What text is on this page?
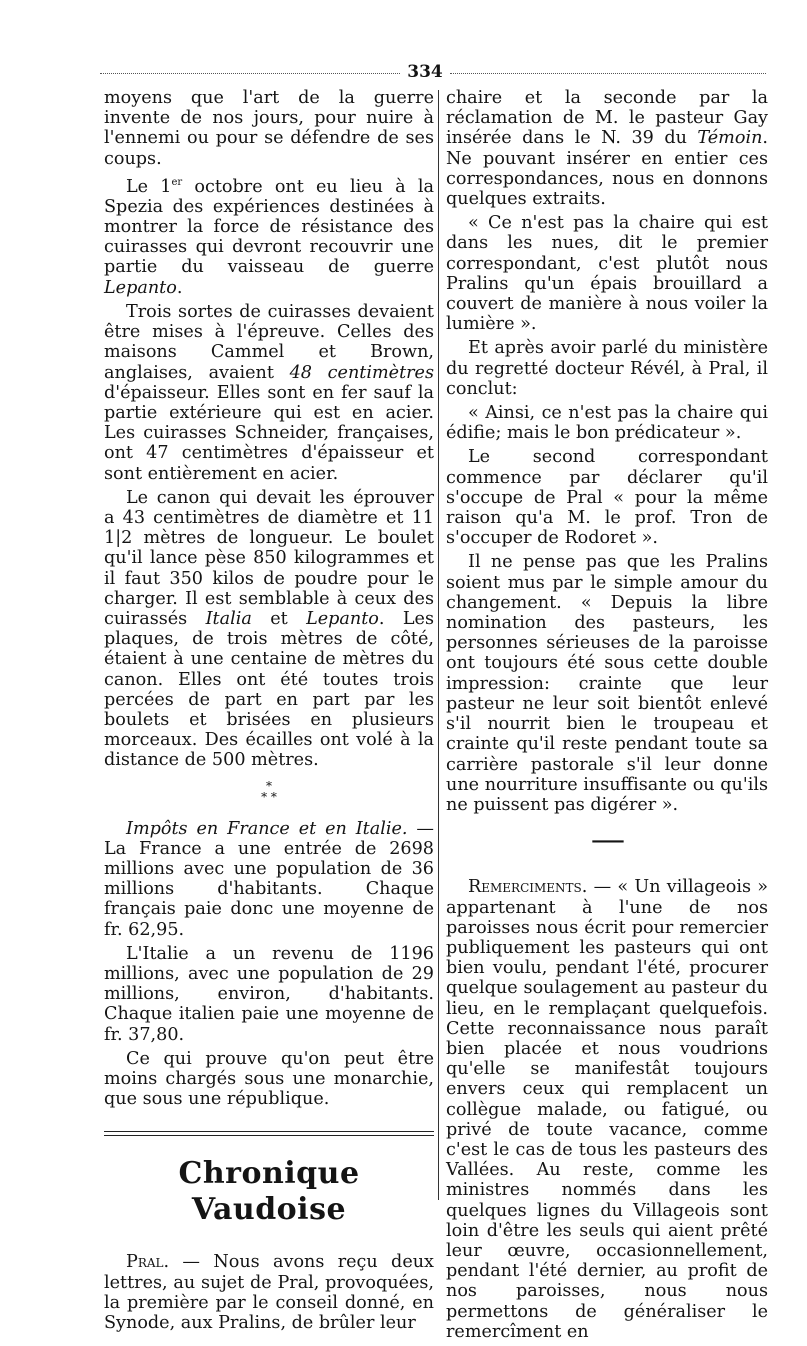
334

moyens que l'art de la guerre invente de nos jours, pour nuire à l'ennemi ou pour se défendre de ses coups.

Le 1er octobre ont eu lieu à la Spezia des expériences destinées à montrer la force de résistance des cuirasses qui devront recouvrir une partie du vaisseau de guerre Lepanto.

Trois sortes de cuirasses devaient être mises à l'épreuve. Celles des maisons Cammel et Brown, anglaises, avaient 48 centimètres d'épaisseur. Elles sont en fer sauf la partie extérieure qui est en acier. Les cuirasses Schneider, françaises, ont 47 centimètres d'épaisseur et sont entièrement en acier.

Le canon qui devait les éprouver a 43 centimètres de diamètre et 11 1|2 mètres de longueur. Le boulet qu'il lance pèse 850 kilogrammes et il faut 350 kilos de poudre pour le charger. Il est semblable à ceux des cuirassés Italia et Lepanto. Les plaques, de trois mètres de côté, étaient à une centaine de mètres du canon. Elles ont été toutes trois percées de part en part par les boulets et brisées en plusieurs morceaux. Des écailles ont volé à la distance de 500 mètres.

*
* *

Impôts en France et en Italie. — La France a une entrée de 2698 millions avec une population de 36 millions d'habitants. Chaque français paie donc une moyenne de fr. 62,95.

L'Italie a un revenu de 1196 millions, avec une population de 29 millions, environ, d'habitants. Chaque italien paie une moyenne de fr. 37,80.

Ce qui prouve qu'on peut être moins chargés sous une monarchie, que sous une république.

Chronique Vaudoise

Pral. — Nous avons reçu deux lettres, au sujet de Pral, provoquées, la première par le conseil donné, en Synode, aux Pralins, de brûler leur

chaire et la seconde par la réclamation de M. le pasteur Gay insérée dans le N. 39 du Témoin. Ne pouvant insérer en entier ces correspondances, nous en donnons quelques extraits.

« Ce n'est pas la chaire qui est dans les nues, dit le premier correspondant, c'est plutôt nous Pralins qu'un épais brouillard a couvert de manière à nous voiler la lumière ».

Et après avoir parlé du ministère du regretté docteur Révél, à Pral, il conclut:

« Ainsi, ce n'est pas la chaire qui édifie; mais le bon prédicateur ».

Le second correspondant commence par déclarer qu'il s'occupe de Pral « pour la même raison qu'a M. le prof. Tron de s'occuper de Rodoret ».

Il ne pense pas que les Pralins soient mus par le simple amour du changement. « Depuis la libre nomination des pasteurs, les personnes sérieuses de la paroisse ont toujours été sous cette double impression: crainte que leur pasteur ne leur soit bientôt enlevé s'il nourrit bien le troupeau et crainte qu'il reste pendant toute sa carrière pastorale s'il leur donne une nourriture insuffisante ou qu'ils ne puissent pas digérer ».

——

Remerciments. — « Un villageois » appartenant à l'une de nos paroisses nous écrit pour remercier publiquement les pasteurs qui ont bien voulu, pendant l'été, procurer quelque soulagement au pasteur du lieu, en le remplaçant quelquefois. Cette reconnaissance nous paraît bien placée et nous voudrions qu'elle se manifestât toujours envers ceux qui remplacent un collègue malade, ou fatigué, ou privé de toute vacance, comme c'est le cas de tous les pasteurs des Vallées. Au reste, comme les ministres nommés dans les quelques lignes du Villageois sont loin d'être les seuls qui aient prêté leur œuvre, occasionnellement, pendant l'été dernier, au profit de nos paroisses, nous nous permettons de généraliser le remercîment en
